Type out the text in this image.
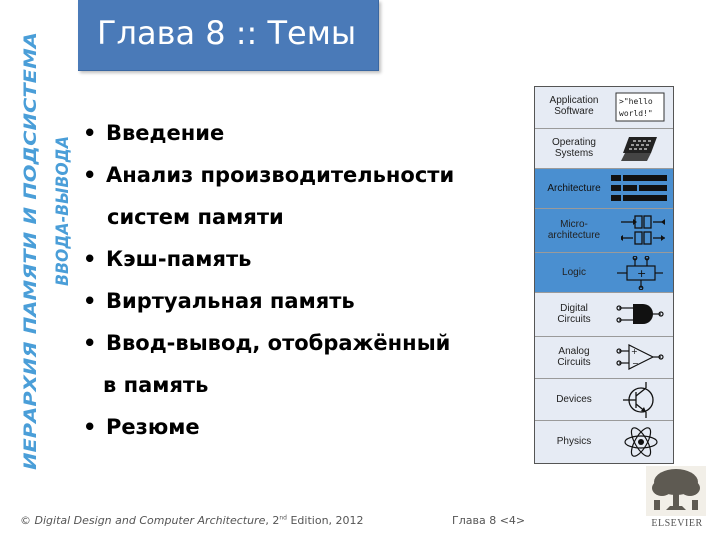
ИЕРАРХИЯ ПАМЯТИ И ПОДСИСТЕМА ВВОДА-ВЫВОДА
Глава 8 :: Темы
• Введение
• Анализ производительности
систем памяти
• Кэш-память
• Виртуальная память
• Ввод-вывод, отображённый
в память
• Резюме
Application
Software
>"hello
world!"
Operating
Systems
Architecture
Micro-
architecture
Logic	+
Digital
Circuits
Analog
Circuits
+
−
Devices
Physics
© Digital Design and Computer Architecture, 2nd Edition, 2012	Глава 8 <4>	ELSEVIER
